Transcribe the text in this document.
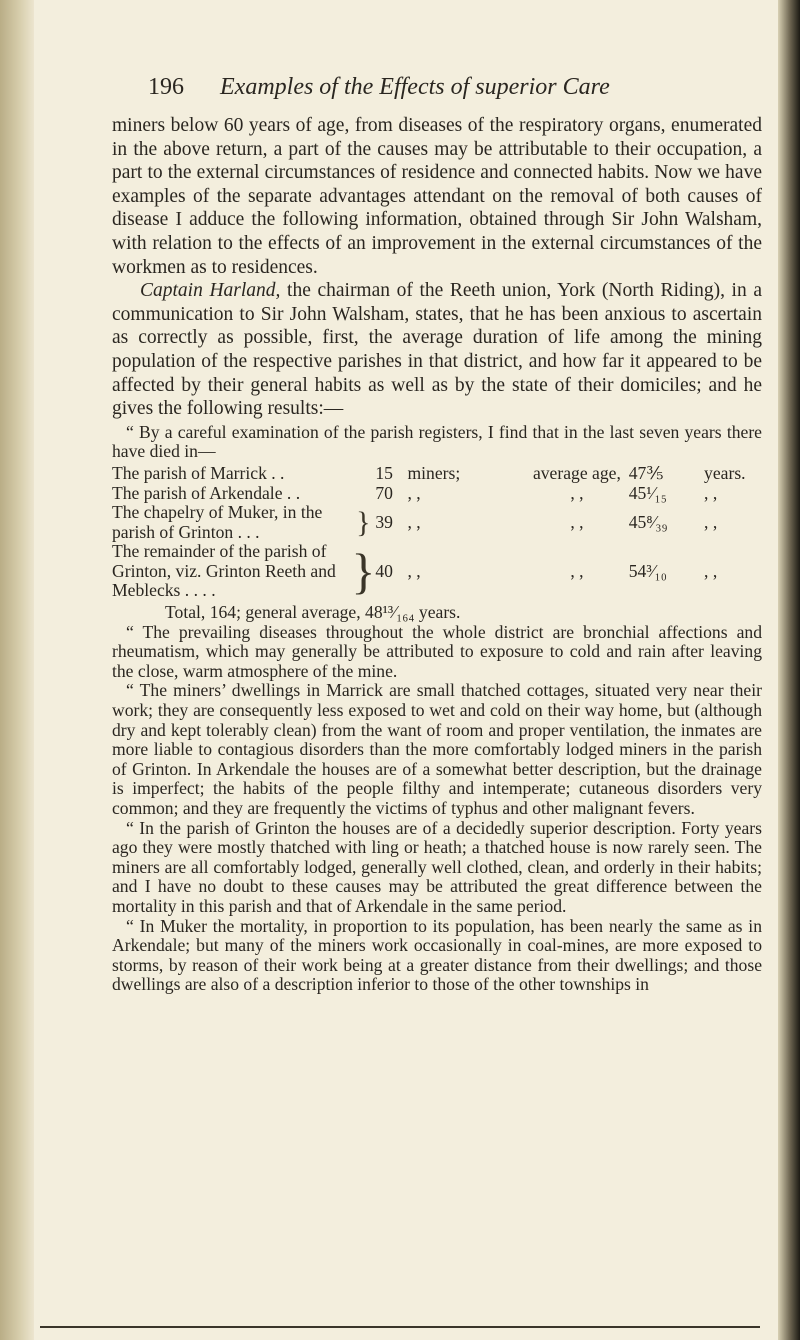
196 Examples of the Effects of superior Care

miners below 60 years of age, from diseases of the respiratory organs, enumerated in the above return, a part of the causes may be attributable to their occupation, a part to the external circumstances of residence and connected habits. Now we have examples of the separate advantages attendant on the removal of both causes of disease I adduce the following information, obtained through Sir John Walsham, with relation to the effects of an improvement in the external circumstances of the workmen as to residences.

Captain Harland, the chairman of the Reeth union, York (North Riding), in a communication to Sir John Walsham, states, that he has been anxious to ascertain as correctly as possible, first, the average duration of life among the mining population of the respective parishes in that district, and how far it appeared to be affected by their general habits as well as by the state of their domiciles; and he gives the following results:—

“ By a careful examination of the parish registers, I find that in the last seven years there have died in—

The parish of Marrick . .		15	miners;	average age,	47⅗	years.
The parish of Arkendale . .		70	, ,	, ,	45¹⁄₁₅	, ,
The chapelry of Muker, in the parish of Grinton . . .	}	39	, ,	, ,	45⁸⁄₃₉	, ,
The remainder of the parish of Grinton, viz. Grinton Reeth and Meblecks . . . .	}	40	, ,	, ,	54³⁄₁₀	, ,

Total, 164; general average, 48¹³⁄₁₆₄ years.

“ The prevailing diseases throughout the whole district are bronchial affections and rheumatism, which may generally be attributed to exposure to cold and rain after leaving the close, warm atmosphere of the mine.

“ The miners’ dwellings in Marrick are small thatched cottages, situated very near their work; they are consequently less exposed to wet and cold on their way home, but (although dry and kept tolerably clean) from the want of room and proper ventilation, the inmates are more liable to contagious disorders than the more comfortably lodged miners in the parish of Grinton. In Arkendale the houses are of a somewhat better description, but the drainage is imperfect; the habits of the people filthy and intemperate; cutaneous disorders very common; and they are frequently the victims of typhus and other malignant fevers.

“ In the parish of Grinton the houses are of a decidedly superior description. Forty years ago they were mostly thatched with ling or heath; a thatched house is now rarely seen. The miners are all comfortably lodged, generally well clothed, clean, and orderly in their habits; and I have no doubt to these causes may be attributed the great difference between the mortality in this parish and that of Arkendale in the same period.

“ In Muker the mortality, in proportion to its population, has been nearly the same as in Arkendale; but many of the miners work occasionally in coal-mines, are more exposed to storms, by reason of their work being at a greater distance from their dwellings; and those dwellings are also of a description inferior to those of the other townships in
